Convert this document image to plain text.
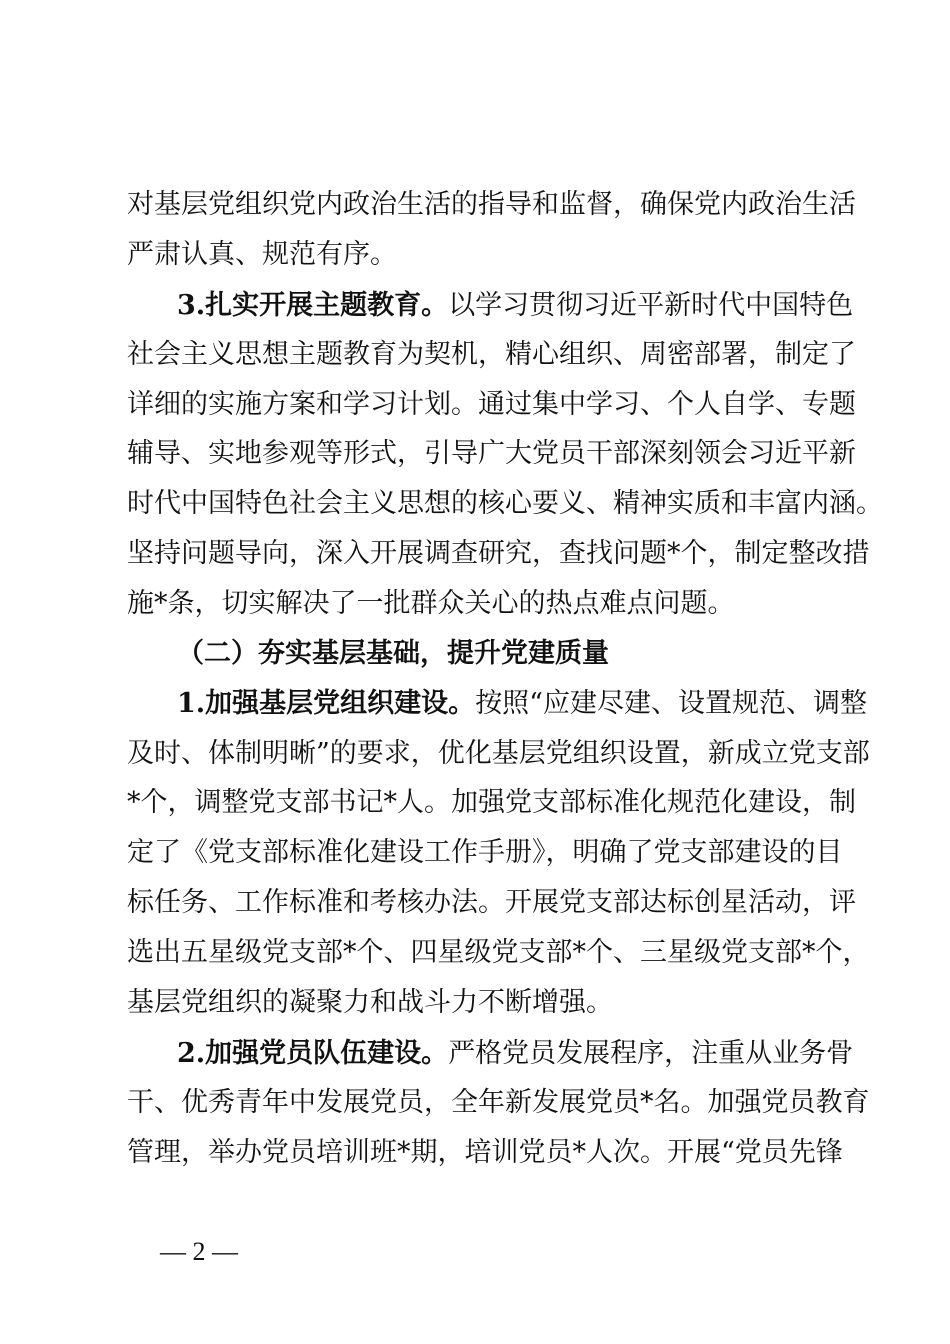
对基层党组织党内政治生活的指导和监督，确保党内政治生活
严肃认真、规范有序。
3.扎实开展主题教育。以学习贯彻习近平新时代中国特色
社会主义思想主题教育为契机，精心组织、周密部署，制定了
详细的实施方案和学习计划。通过集中学习、个人自学、专题
辅导、实地参观等形式，引导广大党员干部深刻领会习近平新
时代中国特色社会主义思想的核心要义、精神实质和丰富内涵。
坚持问题导向，深入开展调查研究，查找问题*个，制定整改措
施*条，切实解决了一批群众关心的热点难点问题。
（二）夯实基层基础，提升党建质量
1.加强基层党组织建设。按照“应建尽建、设置规范、调整
及时、体制明晰”的要求，优化基层党组织设置，新成立党支部
*个，调整党支部书记*人。加强党支部标准化规范化建设，制
定了《党支部标准化建设工作手册》，明确了党支部建设的目
标任务、工作标准和考核办法。开展党支部达标创星活动，评
选出五星级党支部*个、四星级党支部*个、三星级党支部*个，
基层党组织的凝聚力和战斗力不断增强。
2.加强党员队伍建设。严格党员发展程序，注重从业务骨
干、优秀青年中发展党员，全年新发展党员*名。加强党员教育
管理，举办党员培训班*期，培训党员*人次。开展“党员先锋
— 2 —
